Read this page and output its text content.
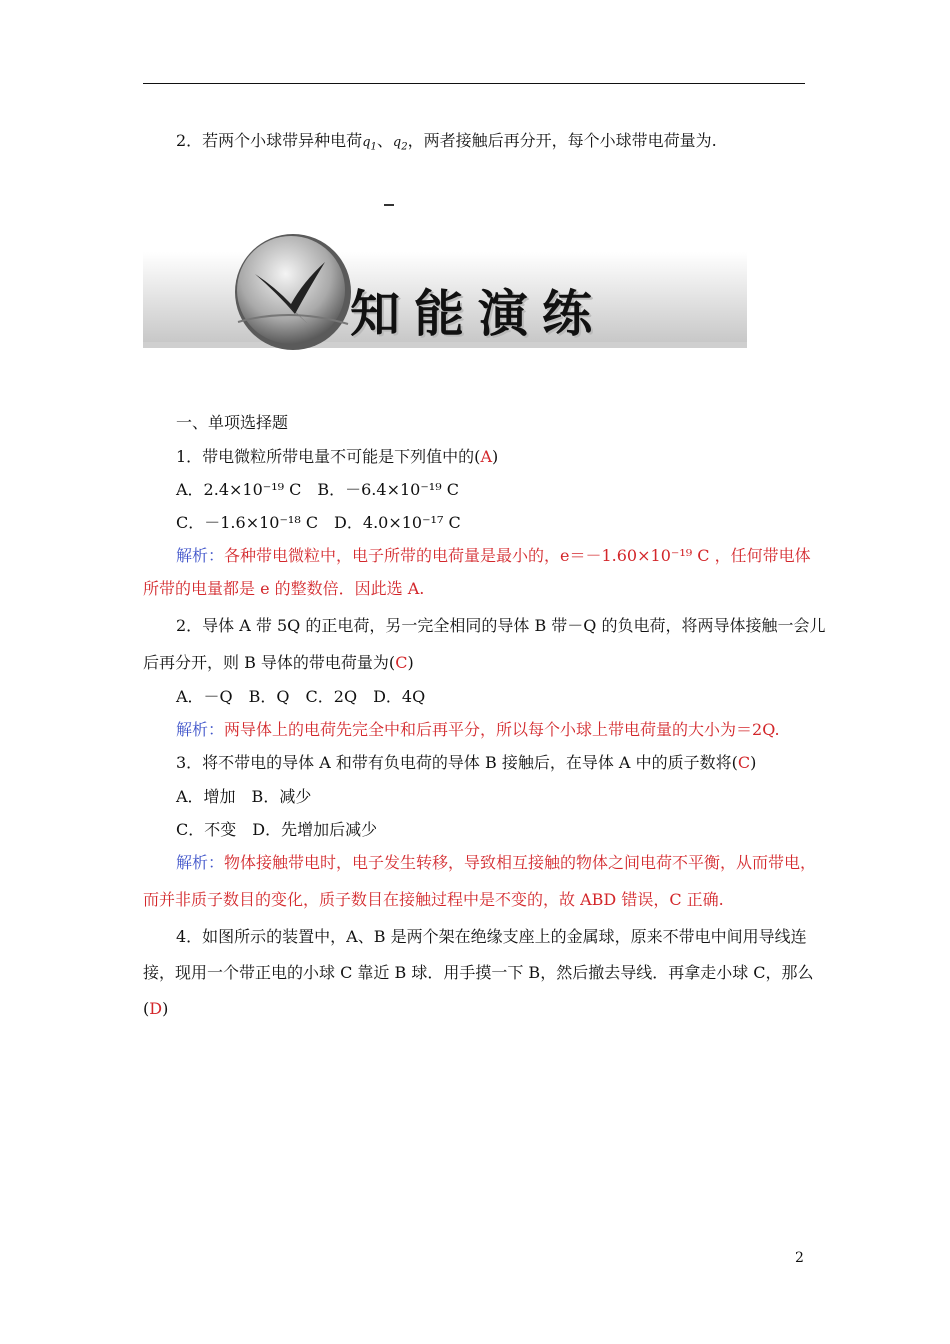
2．若两个小球带异种电荷$q_1$、$q_2$，两者接触后再分开，每个小球带电荷量为.
知能演练
一、单项选择题
1．带电微粒所带电量不可能是下列值中的(A)
A．2.4×10⁻¹⁹ C　B．－6.4×10⁻¹⁹ C
C．－1.6×10⁻¹⁸ C　D．4.0×10⁻¹⁷ C
解析：各种带电微粒中，电子所带的电荷量是最小的，e＝－1.60×10⁻¹⁹ C ，任何带电体
所带的电量都是 e 的整数倍．因此选 A.
2．导体 A 带 5Q 的正电荷，另一完全相同的导体 B 带－Q 的负电荷，将两导体接触一会儿
后再分开，则 B 导体的带电荷量为(C)
A．－Q　B．Q　C．2Q　D．4Q
解析：两导体上的电荷先完全中和后再平分，所以每个小球上带电荷量的大小为＝2Q.
3．将不带电的导体 A 和带有负电荷的导体 B 接触后，在导体 A 中的质子数将(C)
A．增加　B．减少
C．不变　D．先增加后减少
解析：物体接触带电时，电子发生转移，导致相互接触的物体之间电荷不平衡，从而带电，
而并非质子数目的变化，质子数目在接触过程中是不变的，故 ABD 错误，C 正确.
4．如图所示的装置中，A、B 是两个架在绝缘支座上的金属球，原来不带电中间用导线连
接，现用一个带正电的小球 C 靠近 B 球．用手摸一下 B，然后撤去导线．再拿走小球 C，那么
(D)
2
